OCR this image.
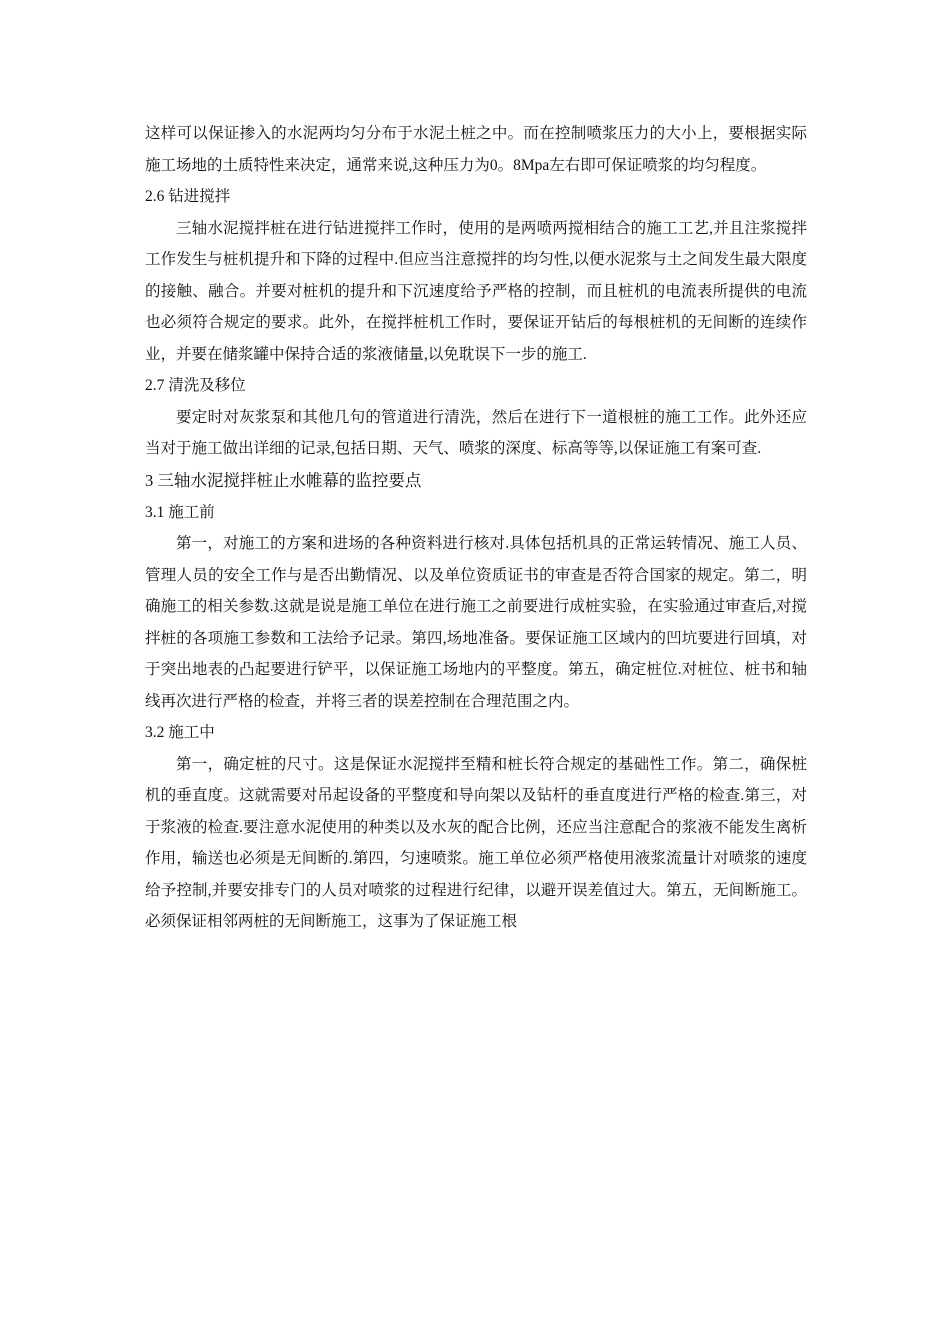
这样可以保证掺入的水泥两均匀分布于水泥土桩之中。而在控制喷浆压力的大小上，要根据实际施工场地的土质特性来决定，通常来说,这种压力为0。8Mpa左右即可保证喷浆的均匀程度。

2.6 钻进搅拌

三轴水泥搅拌桩在进行钻进搅拌工作时，使用的是两喷两搅相结合的施工工艺,并且注浆搅拌工作发生与桩机提升和下降的过程中.但应当注意搅拌的均匀性,以便水泥浆与土之间发生最大限度的接触、融合。并要对桩机的提升和下沉速度给予严格的控制，而且桩机的电流表所提供的电流也必须符合规定的要求。此外，在搅拌桩机工作时，要保证开钻后的每根桩机的无间断的连续作业，并要在储浆罐中保持合适的浆液储量,以免耽误下一步的施工.

2.7 清洗及移位

要定时对灰浆泵和其他几句的管道进行清洗，然后在进行下一道根桩的施工工作。此外还应当对于施工做出详细的记录,包括日期、天气、喷浆的深度、标高等等,以保证施工有案可查.

3 三轴水泥搅拌桩止水帷幕的监控要点
3.1 施工前

第一，对施工的方案和进场的各种资料进行核对.具体包括机具的正常运转情况、施工人员、管理人员的安全工作与是否出勤情况、以及单位资质证书的审查是否符合国家的规定。第二，明确施工的相关参数.这就是说是施工单位在进行施工之前要进行成桩实验，在实验通过审查后,对搅拌桩的各项施工参数和工法给予记录。第四,场地准备。要保证施工区域内的凹坑要进行回填，对于突出地表的凸起要进行铲平，以保证施工场地内的平整度。第五，确定桩位.对桩位、桩书和轴线再次进行严格的检查，并将三者的误差控制在合理范围之内。

3.2 施工中

第一，确定桩的尺寸。这是保证水泥搅拌至精和桩长符合规定的基础性工作。第二，确保桩机的垂直度。这就需要对吊起设备的平整度和导向架以及钻杆的垂直度进行严格的检查.第三，对于浆液的检查.要注意水泥使用的种类以及水灰的配合比例，还应当注意配合的浆液不能发生离析作用，输送也必须是无间断的.第四，匀速喷浆。施工单位必须严格使用液浆流量计对喷浆的速度给予控制,并要安排专门的人员对喷浆的过程进行纪律，以避开误差值过大。第五，无间断施工。必须保证相邻两桩的无间断施工，这事为了保证施工根
